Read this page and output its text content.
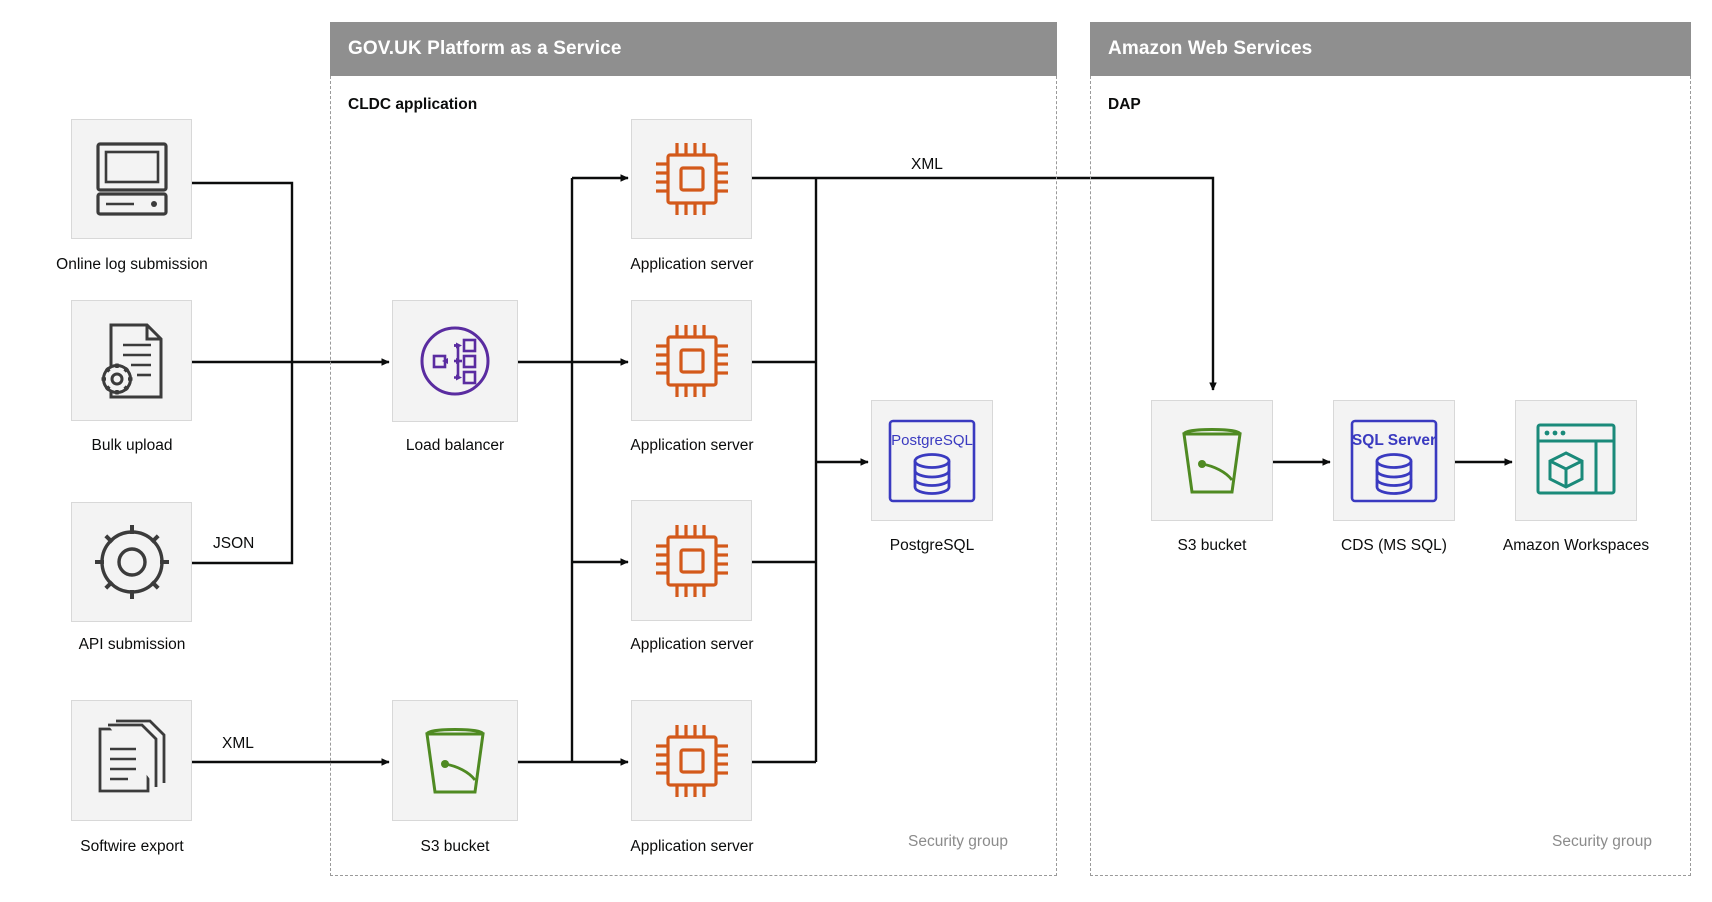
GOV.UK Platform as a Service
CLDC application
Security group
Amazon Web Services
DAP
Security group
Online log submission
Bulk upload
API submission
Softwire export
Load balancer
S3 bucket
Application server
Application server
Application server
Application server
PostgreSQL
PostgreSQL	S3 bucket
SQL Server
CDS (MS SQL)	Amazon Workspaces
JSON
XML
XML
